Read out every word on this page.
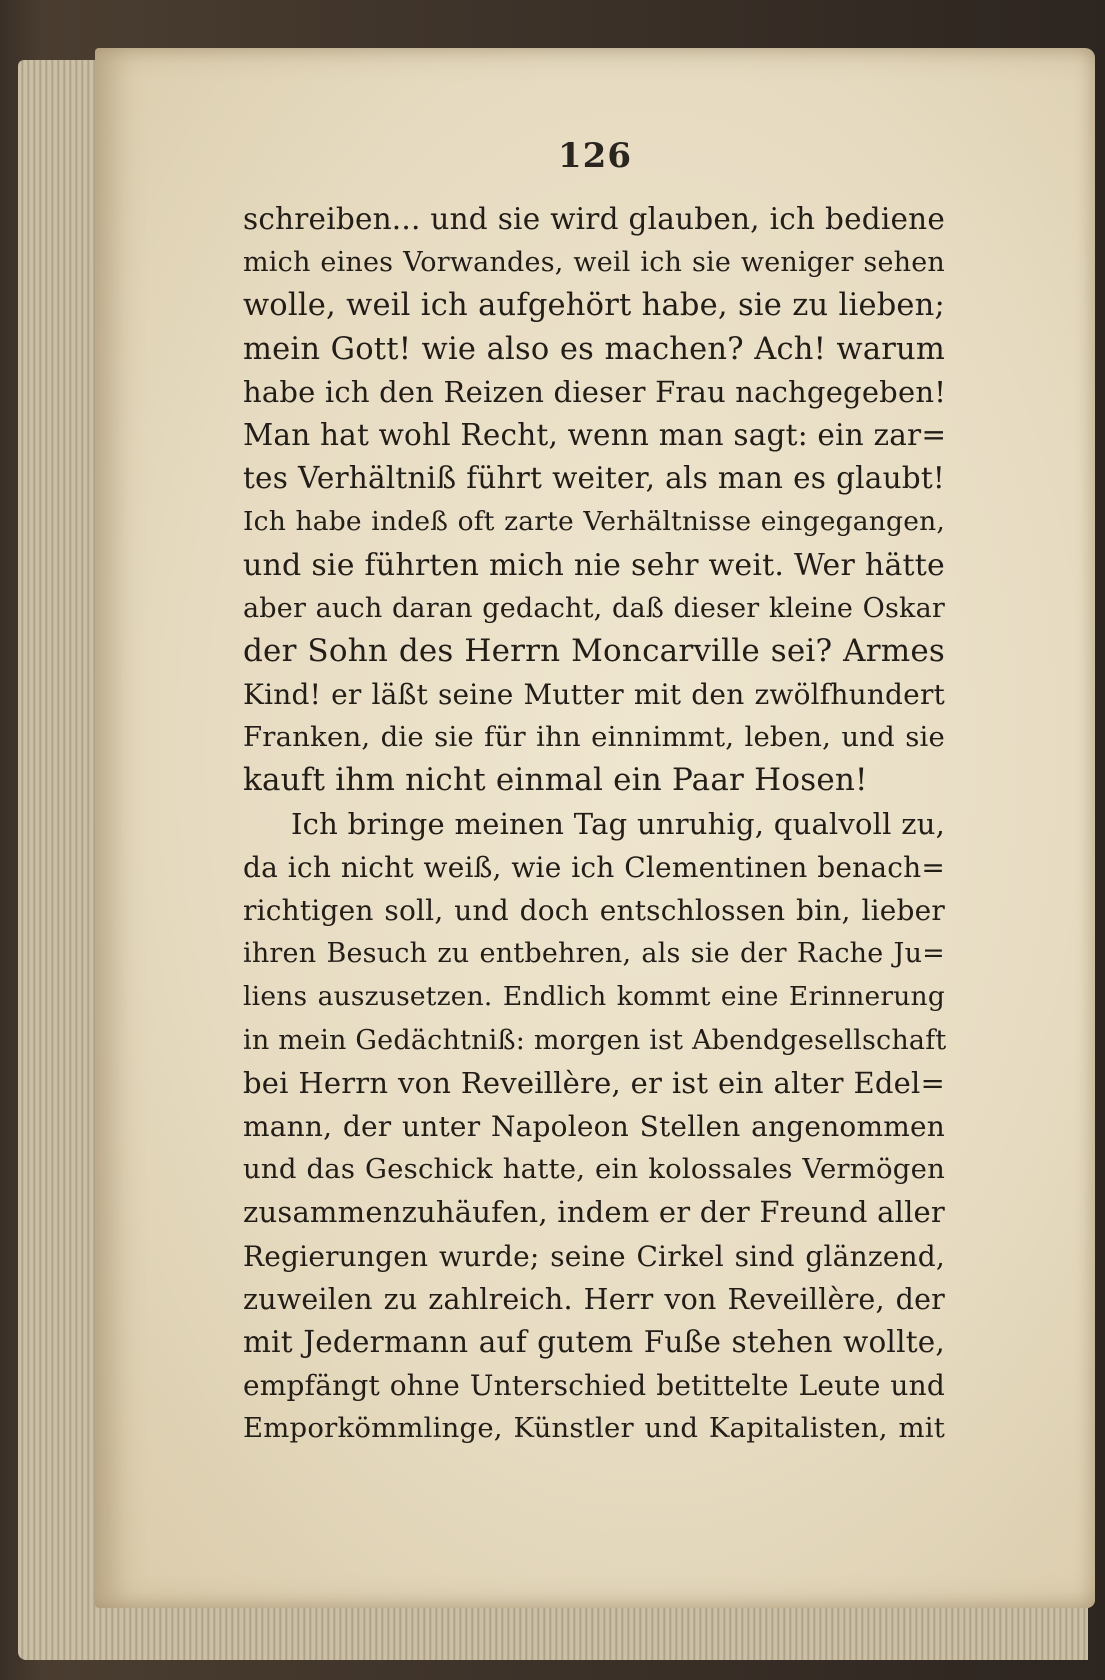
126
schreiben... und sie wird glauben, ich bediene
mich eines Vorwandes, weil ich sie weniger sehen
wolle, weil ich aufgehört habe, sie zu lieben;
mein Gott! wie also es machen? Ach! warum
habe ich den Reizen dieser Frau nachgegeben!
Man hat wohl Recht, wenn man sagt: ein zar=
tes Verhältniß führt weiter, als man es glaubt!
Ich habe indeß oft zarte Verhältnisse eingegangen,
und sie führten mich nie sehr weit. Wer hätte
aber auch daran gedacht, daß dieser kleine Oskar
der Sohn des Herrn Moncarville sei? Armes
Kind! er läßt seine Mutter mit den zwölfhundert
Franken, die sie für ihn einnimmt, leben, und sie
kauft ihm nicht einmal ein Paar Hosen!
Ich bringe meinen Tag unruhig, qualvoll zu,
da ich nicht weiß, wie ich Clementinen benach=
richtigen soll, und doch entschlossen bin, lieber
ihren Besuch zu entbehren, als sie der Rache Ju=
liens auszusetzen. Endlich kommt eine Erinnerung
in mein Gedächtniß: morgen ist Abendgesellschaft
bei Herrn von Reveillère, er ist ein alter Edel=
mann, der unter Napoleon Stellen angenommen
und das Geschick hatte, ein kolossales Vermögen
zusammenzuhäufen, indem er der Freund aller
Regierungen wurde; seine Cirkel sind glänzend,
zuweilen zu zahlreich. Herr von Reveillère, der
mit Jedermann auf gutem Fuße stehen wollte,
empfängt ohne Unterschied betittelte Leute und
Emporkömmlinge, Künstler und Kapitalisten, mit
